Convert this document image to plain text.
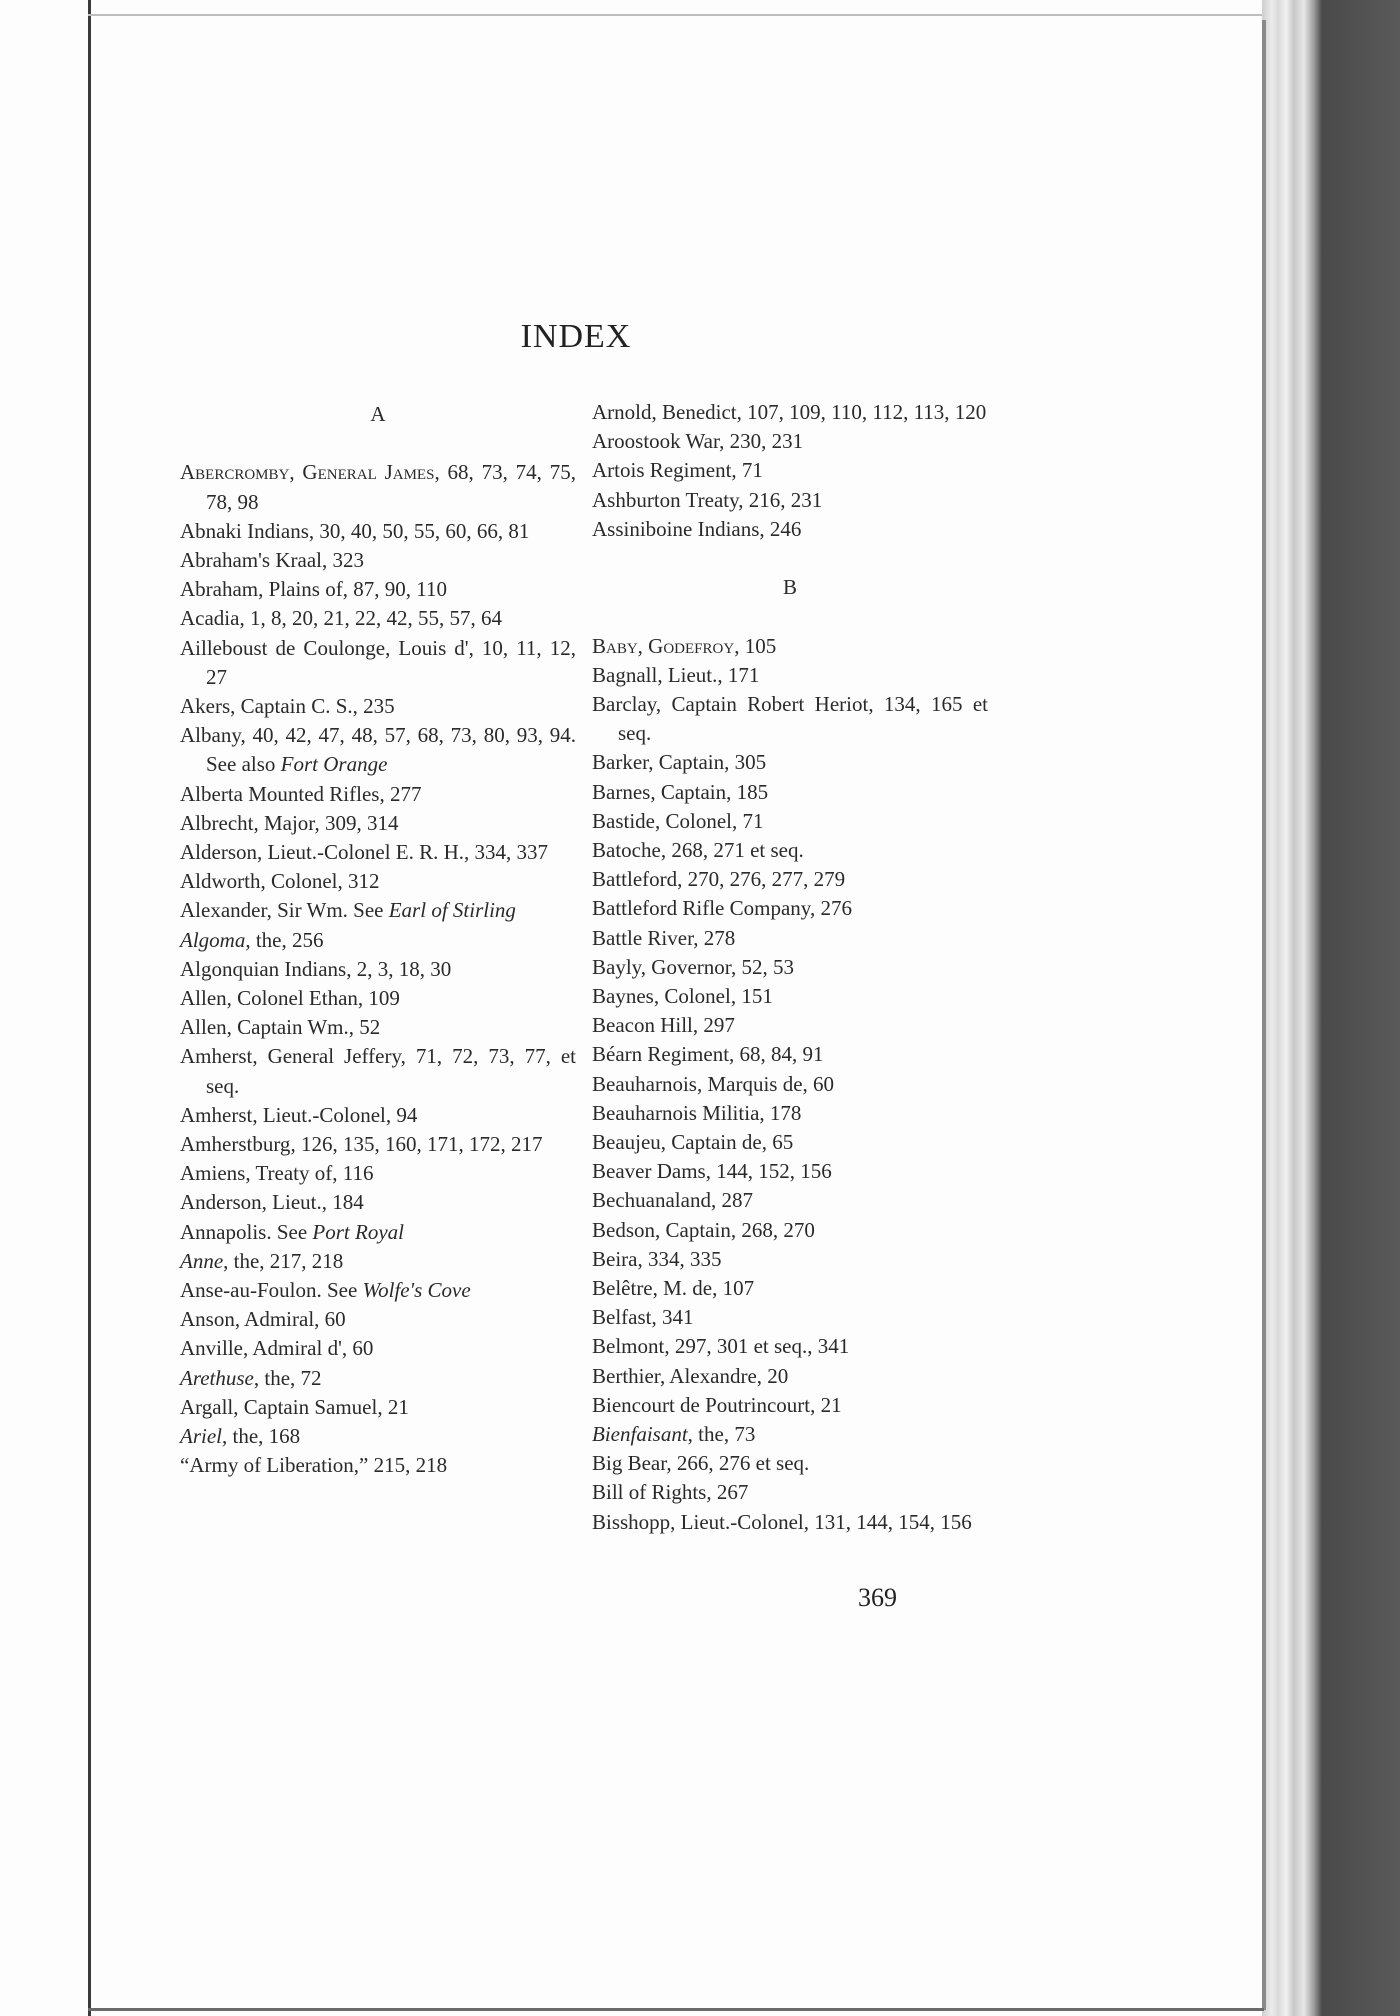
INDEX
A

Abercromby, General James, 68, 73, 74, 75, 78, 98

Abnaki Indians, 30, 40, 50, 55, 60, 66, 81

Abraham's Kraal, 323

Abraham, Plains of, 87, 90, 110

Acadia, 1, 8, 20, 21, 22, 42, 55, 57, 64

Ailleboust de Coulonge, Louis d', 10, 11, 12, 27

Akers, Captain C. S., 235

Albany, 40, 42, 47, 48, 57, 68, 73, 80, 93, 94. See also Fort Orange

Alberta Mounted Rifles, 277

Albrecht, Major, 309, 314

Alderson, Lieut.-Colonel E. R. H., 334, 337

Aldworth, Colonel, 312

Alexander, Sir Wm. See Earl of Stirling

Algoma, the, 256

Algonquian Indians, 2, 3, 18, 30

Allen, Colonel Ethan, 109

Allen, Captain Wm., 52

Amherst, General Jeffery, 71, 72, 73, 77, et seq.

Amherst, Lieut.-Colonel, 94

Amherstburg, 126, 135, 160, 171, 172, 217

Amiens, Treaty of, 116

Anderson, Lieut., 184

Annapolis. See Port Royal

Anne, the, 217, 218

Anse-au-Foulon. See Wolfe's Cove

Anson, Admiral, 60

Anville, Admiral d', 60

Arethuse, the, 72

Argall, Captain Samuel, 21

Ariel, the, 168

“Army of Liberation,” 215, 218

Arnold, Benedict, 107, 109, 110, 112, 113, 120

Aroostook War, 230, 231

Artois Regiment, 71

Ashburton Treaty, 216, 231

Assiniboine Indians, 246

B

Baby, Godefroy, 105

Bagnall, Lieut., 171

Barclay, Captain Robert Heriot, 134, 165 et seq.

Barker, Captain, 305

Barnes, Captain, 185

Bastide, Colonel, 71

Batoche, 268, 271 et seq.

Battleford, 270, 276, 277, 279

Battleford Rifle Company, 276

Battle River, 278

Bayly, Governor, 52, 53

Baynes, Colonel, 151

Beacon Hill, 297

Béarn Regiment, 68, 84, 91

Beauharnois, Marquis de, 60

Beauharnois Militia, 178

Beaujeu, Captain de, 65

Beaver Dams, 144, 152, 156

Bechuanaland, 287

Bedson, Captain, 268, 270

Beira, 334, 335

Belêtre, M. de, 107

Belfast, 341

Belmont, 297, 301 et seq., 341

Berthier, Alexandre, 20

Biencourt de Poutrincourt, 21

Bienfaisant, the, 73

Big Bear, 266, 276 et seq.

Bill of Rights, 267

Bisshopp, Lieut.-Colonel, 131, 144, 154, 156

369
